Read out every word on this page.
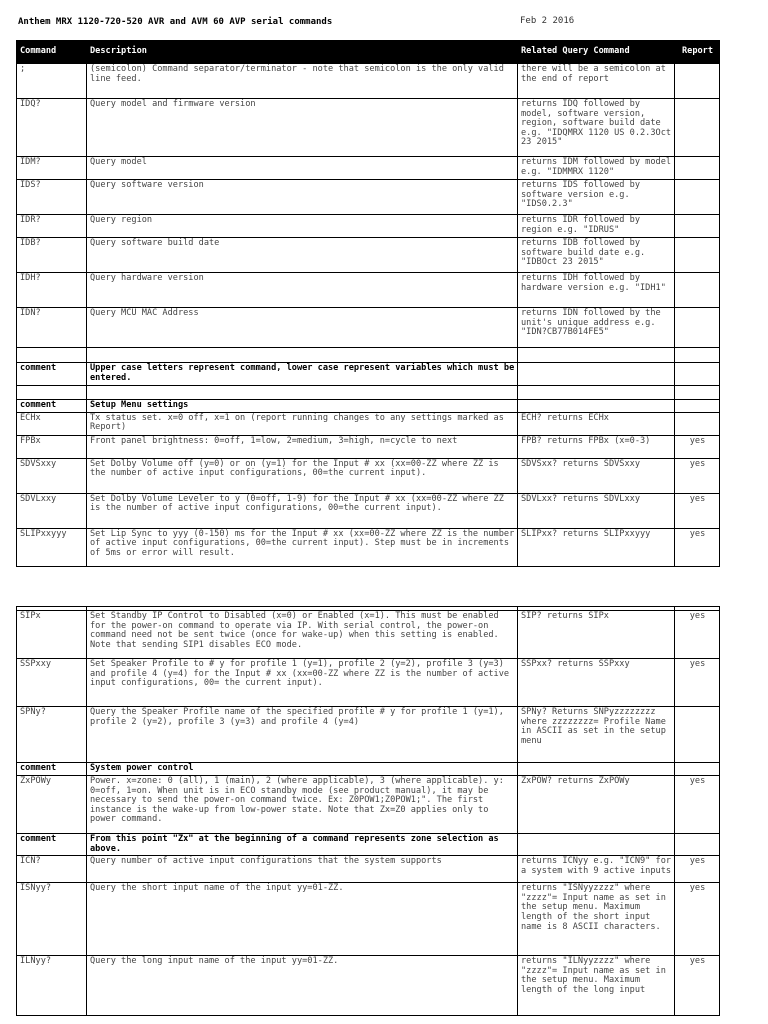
Anthem MRX 1120-720-520 AVR and AVM 60 AVP serial commands	Feb 2 2016
Command	Description	Related Query Command	Report
;	(semicolon) Command separator/terminator - note that semicolon is the only valid line feed.	there will be a semicolon at the end of report	
IDQ?	Query model and firmware version	returns IDQ followed by model, software version, region, software build date e.g. "IDQMRX 1120 US 0.2.3Oct 23 2015"	
IDM?	Query model	returns IDM followed by model e.g. "IDMMRX 1120"	
IDS?	Query software version	returns IDS followed by software version e.g. "IDS0.2.3"	
IDR?	Query region	returns IDR followed by region e.g. "IDRUS"	
IDB?	Query software build date	returns IDB followed by software build date e.g. "IDBOct 23 2015"	
IDH?	Query hardware version	returns IDH followed by hardware version e.g. "IDH1"	
IDN?	Query MCU MAC Address	returns IDN followed by the unit's unique address e.g. "IDN?CB77B014FE5"	

comment	Upper case letters represent command, lower case represent variables which must be entered.		

comment	Setup Menu settings		
ECHx	Tx status set. x=0 off, x=1 on (report running changes to any settings marked as Report)	ECH? returns ECHx	
FPBx	Front panel brightness: 0=off, 1=low, 2=medium, 3=high, n=cycle to next	FPB? returns FPBx (x=0-3)	yes
SDVSxxy	Set Dolby Volume off (y=0) or on (y=1) for the Input # xx (xx=00-ZZ where ZZ is the number of active input configurations, 00=the current input).	SDVSxx? returns SDVSxxy	yes
SDVLxxy	Set Dolby Volume Leveler to y (0=off, 1-9) for the Input # xx (xx=00-ZZ where ZZ is the number of active input configurations, 00=the current input).	SDVLxx? returns SDVLxxy	yes
SLIPxxyyy	Set Lip Sync to yyy (0-150) ms for the Input # xx (xx=00-ZZ where ZZ is the number of active input configurations, 00=the current input). Step must be in increments of 5ms or error will result.	SLIPxx? returns SLIPxxyyy	yes

SIPx	Set Standby IP Control to Disabled (x=0) or Enabled (x=1). This must be enabled for the power-on command to operate via IP. With serial control, the power-on command need not be sent twice (once for wake-up) when this setting is enabled. Note that sending SIP1 disables ECO mode.	SIP? returns SIPx	yes
SSPxxy	Set Speaker Profile to # y for profile 1 (y=1), profile 2 (y=2), profile 3 (y=3) and profile 4 (y=4) for the Input # xx (xx=00-ZZ where ZZ is the number of active input configurations, 00= the current input).	SSPxx? returns SSPxxy	yes
SPNy?	Query the Speaker Profile name of the specified profile # y for profile 1 (y=1), profile 2 (y=2), profile 3 (y=3) and profile 4 (y=4)	SPNy? Returns SNPyzzzzzzzz where zzzzzzzz= Profile Name in ASCII as set in the setup menu	
comment	System power control		
ZxPOWy	Power. x=zone: 0 (all), 1 (main), 2 (where applicable), 3 (where applicable). y: 0=off, 1=on. When unit is in ECO standby mode (see product manual), it may be necessary to send the power-on command twice. Ex: Z0POW1;Z0POW1;". The first instance is the wake-up from low-power state. Note that Zx=Z0 applies only to power command.	ZxPOW? returns ZxPOWy	yes
comment	From this point "Zx" at the beginning of a command represents zone selection as above.		
ICN?	Query number of active input configurations that the system supports	returns ICNyy e.g. "ICN9" for a system with 9 active inputs	yes
ISNyy?	Query the short input name of the input yy=01-ZZ.	returns "ISNyyzzzz" where "zzzz"= Input name as set in the setup menu. Maximum length of the short input name is 8 ASCII characters.	yes
ILNyy?	Query the long input name of the input yy=01-ZZ.	returns "ILNyyzzzz" where "zzzz"= Input name as set in the setup menu. Maximum length of the long input	yes
